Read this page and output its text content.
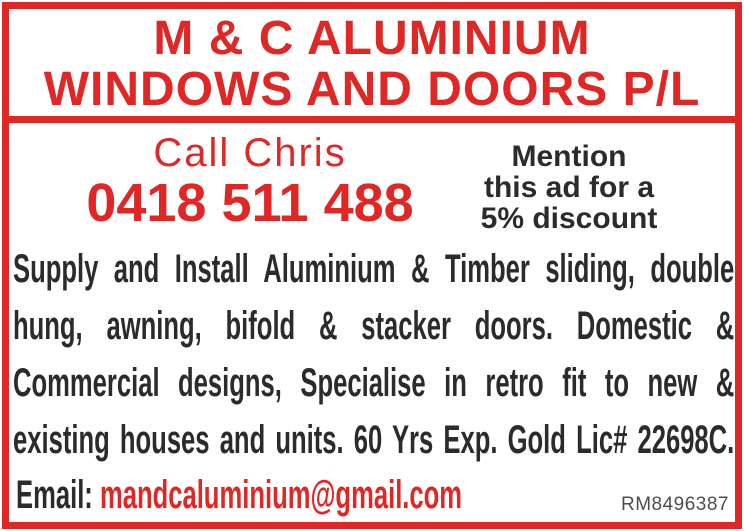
M & C ALUMINIUM
WINDOWS AND DOORS P/L
Call Chris
0418 511 488
Mention
this ad for a
5% discount
Supply and Install Aluminium & Timber sliding, double
hung, awning, bifold & stacker doors. Domestic &
Commercial designs, Specialise in retro fit to new &
existing houses and units. 60 Yrs Exp. Gold Lic# 22698C.
Email: mandcaluminium@gmail.com	RM8496387
